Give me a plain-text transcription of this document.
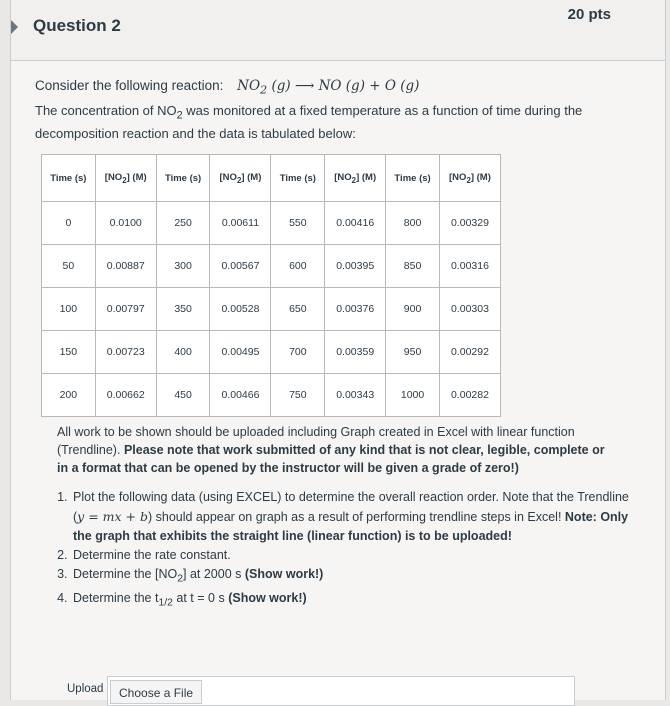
Question 2
20 pts
Consider the following reaction: $NO_2$ (g) ⟶ NO (g) + O (g)
The concentration of $NO_2$ was monitored at a fixed temperature as a function of time during the decomposition reaction and the data is tabulated below:
Time (s)	$[NO_2]$ (M)	Time (s)	$[NO_2]$ (M)	Time (s)	$[NO_2]$ (M)	Time (s)	$[NO_2]$ (M)
0	0.0100	250	0.00611	550	0.00416	800	0.00329
50	0.00887	300	0.00567	600	0.00395	850	0.00316
100	0.00797	350	0.00528	650	0.00376	900	0.00303
150	0.00723	400	0.00495	700	0.00359	950	0.00292
200	0.00662	450	0.00466	750	0.00343	1000	0.00282
All work to be shown should be uploaded including Graph created in Excel with linear function (Trendline). Please note that work submitted of any kind that is not clear, legible, complete or in a format that can be opened by the instructor will be given a grade of zero!)
1. Plot the following data (using EXCEL) to determine the overall reaction order. Note that the Trendline (y = mx + b) should appear on graph as a result of performing trendline steps in Excel! Note: Only the graph that exhibits the straight line (linear function) is to be uploaded!
2. Determine the rate constant.
3. Determine the $[NO_2]$ at 2000 s (Show work!)
4. Determine the $t_{1/2}$ at t = 0 s (Show work!)
Upload	Choose a File
